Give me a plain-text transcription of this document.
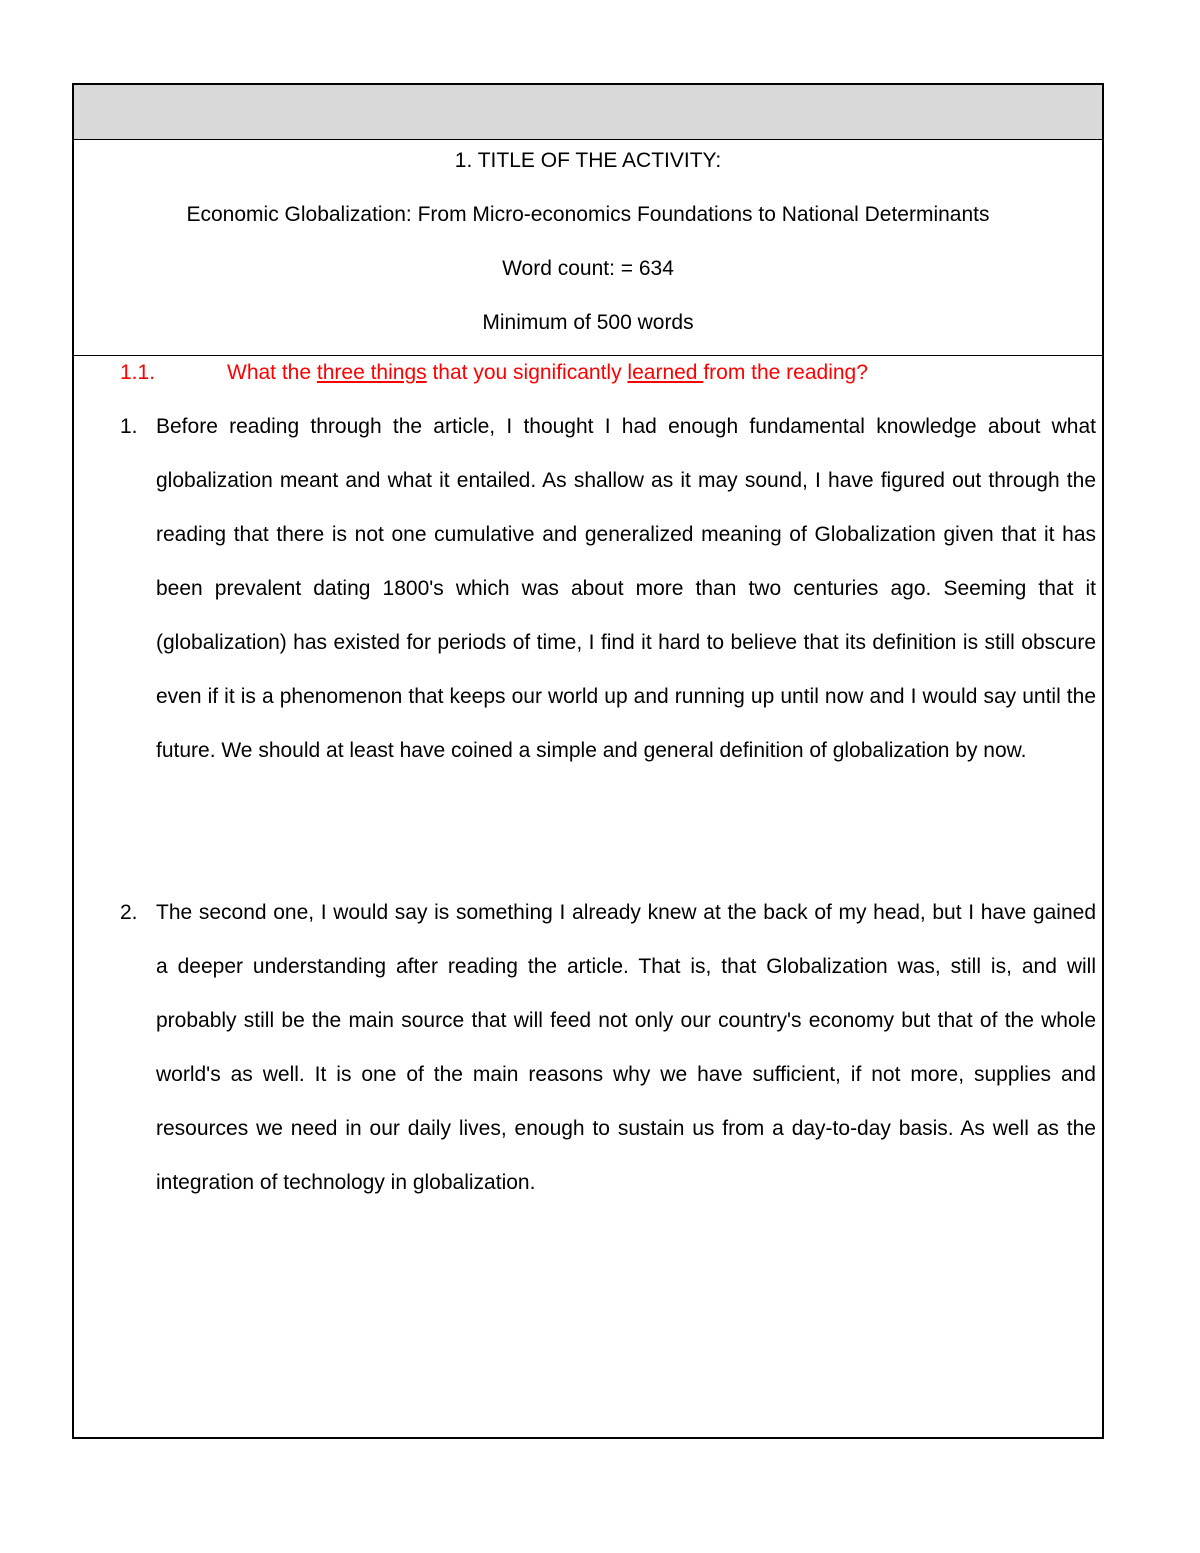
1. TITLE OF THE ACTIVITY:
Economic Globalization: From Micro-economics Foundations to National Determinants
Word count: = 634
Minimum of 500 words
1.1.	What the three things that you significantly learned from the reading?
1. Before reading through the article, I thought I had enough fundamental knowledge about what globalization meant and what it entailed. As shallow as it may sound, I have figured out through the reading that there is not one cumulative and generalized meaning of Globalization given that it has been prevalent dating 1800's which was about more than two centuries ago. Seeming that it (globalization) has existed for periods of time, I find it hard to believe that its definition is still obscure even if it is a phenomenon that keeps our world up and running up until now and I would say until the future. We should at least have coined a simple and general definition of globalization by now.

2. The second one, I would say is something I already knew at the back of my head, but I have gained a deeper understanding after reading the article. That is, that Globalization was, still is, and will probably still be the main source that will feed not only our country's economy but that of the whole world's as well. It is one of the main reasons why we have sufficient, if not more, supplies and resources we need in our daily lives, enough to sustain us from a day-to-day basis. As well as the integration of technology in globalization.
